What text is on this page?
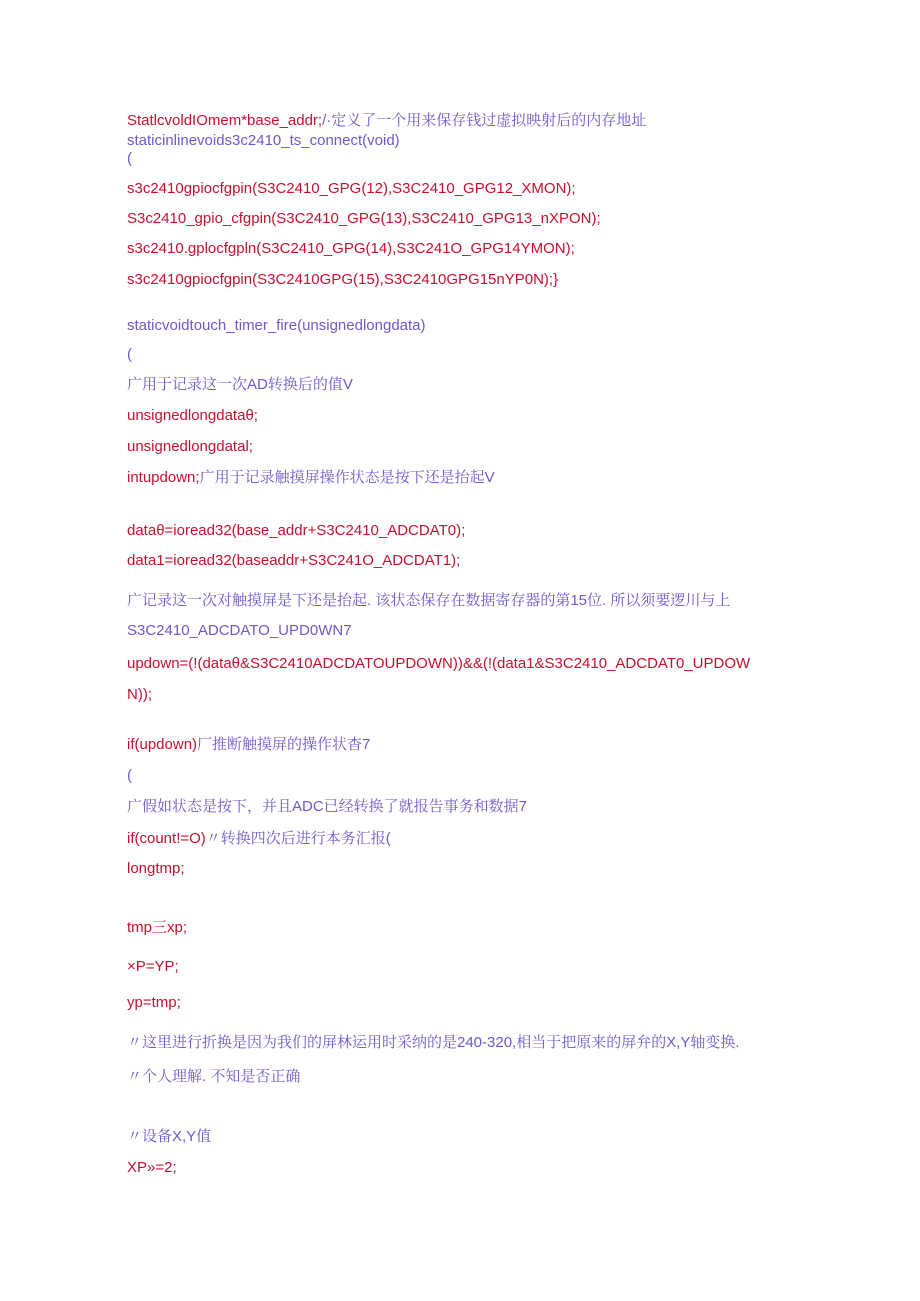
StatlcvoldIOmem*base_addr;/·定义了一个用来保存钱过虚拟映射后的内存地址
staticinlinevoids3c2410_ts_connect(void)
(
s3c2410gpiocfgpin(S3C2410_GPG(12),S3C2410_GPG12_XMON);
S3c2410_gpio_cfgpin(S3C2410_GPG(13),S3C2410_GPG13_nXPON);
s3c2410.gplocfgpln(S3C2410_GPG(14),S3C241O_GPG14YMON);
s3c2410gpiocfgpin(S3C2410GPG(15),S3C2410GPG15nYP0N);}
staticvoidtouch_timer_fire(unsignedlongdata)
(
广用于记录这一次AD转换后的值V
unsignedlongdataθ;
unsignedlongdatal;
intupdown;广用于记录触摸屏操作状态是按下还是抬起V
dataθ=ioread32(base_addr+S3C2410_ADCDAT0);
data1=ioread32(baseaddr+S3C241O_ADCDAT1);
广记录这一次对触摸屏是下还是抬起. 该状态保存在数据寄存器的第15位. 所以须要逻川与上
S3C2410_ADCDATO_UPD0WN7
updown=(!(dataθ&S3C2410ADCDATOUPDOWN))&&(!(data1&S3C2410_ADCDAT0_UPDOW
N));
if(updown)厂推断触摸屏的操作状杳7
(
广假如状态是按下，并且ADC已经转换了就报告事务和数据7
if(count!=O)〃转换四次后进行本务汇报(
longtmp;
tmp三xp;
×P=YP;
yp=tmp;
〃这里进行折换是因为我们的屏林运用时采纳的是240-320,相当于把原来的屏弁的X,Y轴变换.
〃个人理解. 不知是否正确
〃设备X,Y值
XP»=2;
